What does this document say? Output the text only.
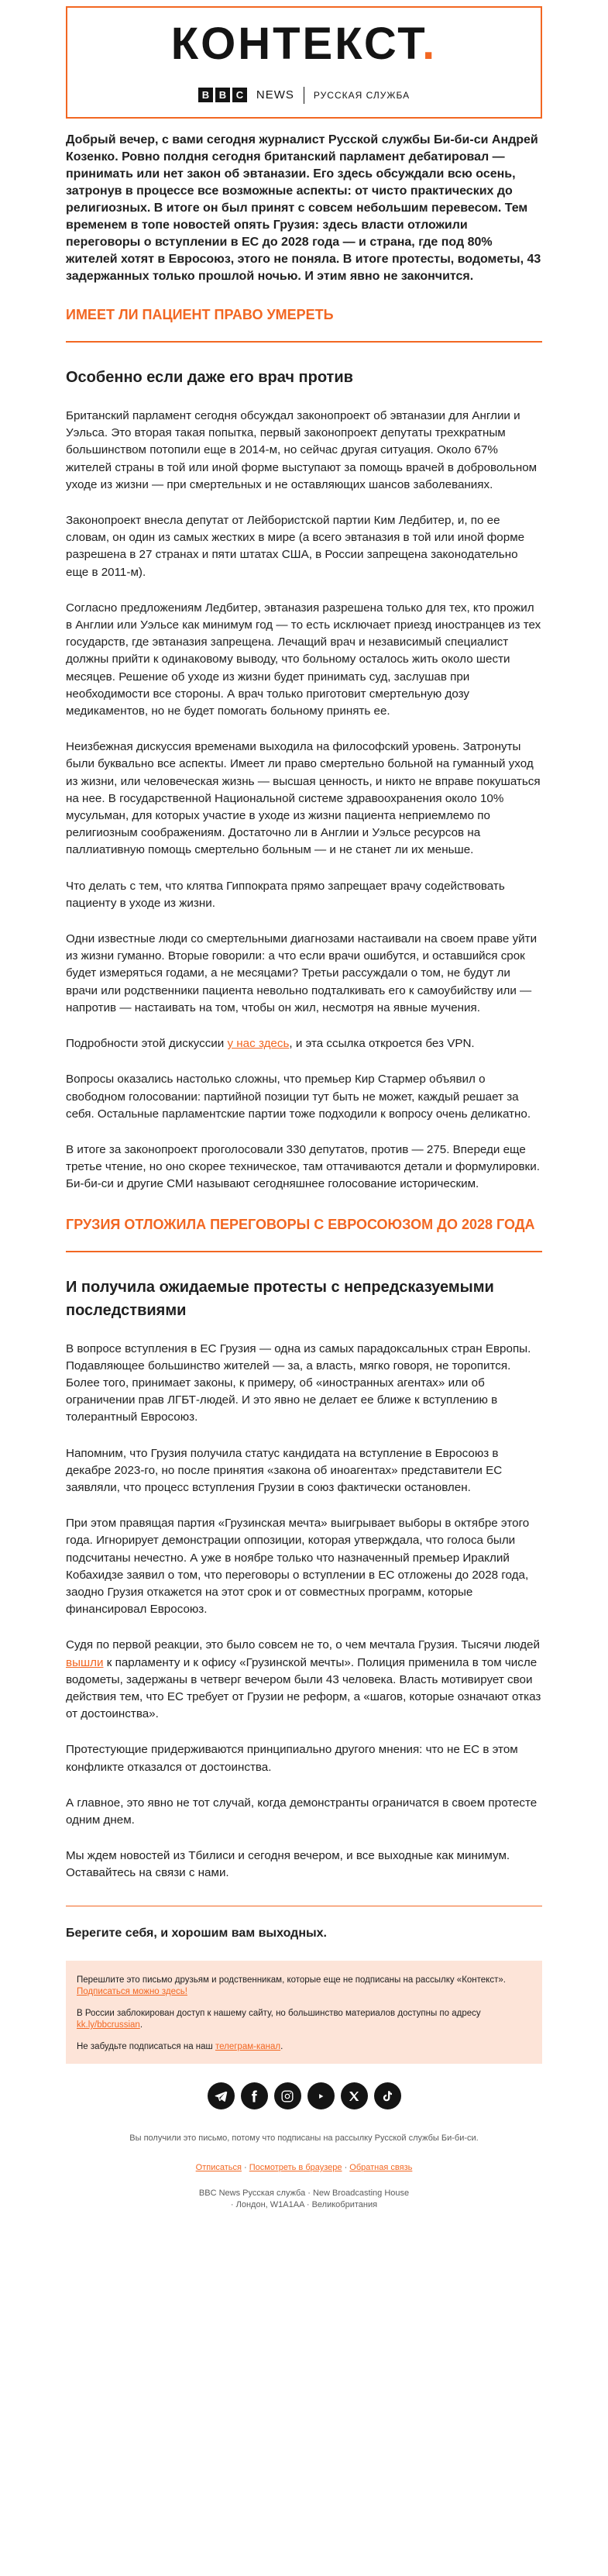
КОНТЕКСТ.
B B C	NEWS РУССКАЯ СЛУЖБА

Добрый вечер, с вами сегодня журналист Русской службы Би-би-си Андрей Козенко. Ровно полдня сегодня британский парламент дебатировал — принимать или нет закон об эвтаназии. Его здесь обсуждали всю осень, затронув в процессе все возможные аспекты: от чисто практических до религиозных. В итоге он был принят с совсем небольшим перевесом. Тем временем в топе новостей опять Грузия: здесь власти отложили переговоры о вступлении в ЕС до 2028 года — и страна, где под 80% жителей хотят в Евросоюз, этого не поняла. В итоге протесты, водометы, 43 задержанных только прошлой ночью. И этим явно не закончится.

ИМЕЕТ ЛИ ПАЦИЕНТ ПРАВО УМЕРЕТЬ
Особенно если даже его врач против

Британский парламент сегодня обсуждал законопроект об эвтаназии для Англии и Уэльса. Это вторая такая попытка, первый законопроект депутаты трехкратным большинством потопили еще в 2014-м, но сейчас другая ситуация. Около 67% жителей страны в той или иной форме выступают за помощь врачей в добровольном уходе из жизни — при смертельных и не оставляющих шансов заболеваниях.

Законопроект внесла депутат от Лейбористской партии Ким Ледбитер, и, по ее словам, он один из самых жестких в мире (а всего эвтаназия в той или иной форме разрешена в 27 странах и пяти штатах США, в России запрещена законодательно еще в 2011-м).

Согласно предложениям Ледбитер, эвтаназия разрешена только для тех, кто прожил в Англии или Уэльсе как минимум год — то есть исключает приезд иностранцев из тех государств, где эвтаназия запрещена. Лечащий врач и независимый специалист должны прийти к одинаковому выводу, что больному осталось жить около шести месяцев. Решение об уходе из жизни будет принимать суд, заслушав при необходимости все стороны. А врач только приготовит смертельную дозу медикаментов, но не будет помогать больному принять ее.

Неизбежная дискуссия временами выходила на философский уровень. Затронуты были буквально все аспекты. Имеет ли право смертельно больной на гуманный уход из жизни, или человеческая жизнь — высшая ценность, и никто не вправе покушаться на нее. В государственной Национальной системе здравоохранения около 10% мусульман, для которых участие в уходе из жизни пациента неприемлемо по религиозным соображениям. Достаточно ли в Англии и Уэльсе ресурсов на паллиативную помощь смертельно больным — и не станет ли их меньше.

Что делать с тем, что клятва Гиппократа прямо запрещает врачу содействовать пациенту в уходе из жизни.

Одни известные люди со смертельными диагнозами настаивали на своем праве уйти из жизни гуманно. Вторые говорили: а что если врачи ошибутся, и оставшийся срок будет измеряться годами, а не месяцами? Третьи рассуждали о том, не будут ли врачи или родственники пациента невольно подталкивать его к самоубийству или — напротив — настаивать на том, чтобы он жил, несмотря на явные мучения.

Подробности этой дискуссии у нас здесь, и эта ссылка откроется без VPN.

Вопросы оказались настолько сложны, что премьер Кир Стармер объявил о свободном голосовании: партийной позиции тут быть не может, каждый решает за себя. Остальные парламентские партии тоже подходили к вопросу очень деликатно.

В итоге за законопроект проголосовали 330 депутатов, против — 275. Впереди еще третье чтение, но оно скорее техническое, там оттачиваются детали и формулировки. Би-би-си и другие СМИ называют сегодняшнее голосование историческим.

ГРУЗИЯ ОТЛОЖИЛА ПЕРЕГОВОРЫ С ЕВРОСОЮЗОМ ДО 2028 ГОДА
И получила ожидаемые протесты с непредсказуемыми последствиями

В вопросе вступления в ЕС Грузия — одна из самых парадоксальных стран Европы. Подавляющее большинство жителей — за, а власть, мягко говоря, не торопится. Более того, принимает законы, к примеру, об «иностранных агентах» или об ограничении прав ЛГБТ-людей. И это явно не делает ее ближе к вступлению в толерантный Евросоюз.

Напомним, что Грузия получила статус кандидата на вступление в Евросоюз в декабре 2023-го, но после принятия «закона об иноагентах» представители ЕС заявляли, что процесс вступления Грузии в союз фактически остановлен.

При этом правящая партия «Грузинская мечта» выигрывает выборы в октябре этого года. Игнорирует демонстрации оппозиции, которая утверждала, что голоса были подсчитаны нечестно. А уже в ноябре только что назначенный премьер Ираклий Кобахидзе заявил о том, что переговоры о вступлении в ЕС отложены до 2028 года, заодно Грузия откажется на этот срок и от совместных программ, которые финансировал Евросоюз.

Судя по первой реакции, это было совсем не то, о чем мечтала Грузия. Тысячи людей вышли к парламенту и к офису «Грузинской мечты». Полиция применила в том числе водометы, задержаны в четверг вечером были 43 человека. Власть мотивирует свои действия тем, что ЕС требует от Грузии не реформ, а «шагов, которые означают отказ от достоинства».

Протестующие придерживаются принципиально другого мнения: что не ЕС в этом конфликте отказался от достоинства.

А главное, это явно не тот случай, когда демонстранты ограничатся в своем протесте одним днем.

Мы ждем новостей из Тбилиси и сегодня вечером, и все выходные как минимум. Оставайтесь на связи с нами.

Берегите себя, и хорошим вам выходных.

Перешлите это письмо друзьям и родственникам, которые еще не подписаны на рассылку «Контекст». Подписаться можно здесь!

В России заблокирован доступ к нашему сайту, но большинство материалов доступны по адресу kk.ly/bbcrussian.

Не забудьте подписаться на наш телеграм-канал.

Вы получили это письмо, потому что подписаны на рассылку Русской службы Би-би-си.

Отписаться · Посмотреть в браузере · Обратная связь

BBC News Русская служба · New Broadcasting House · Лондон, W1A1AA · Великобритания
